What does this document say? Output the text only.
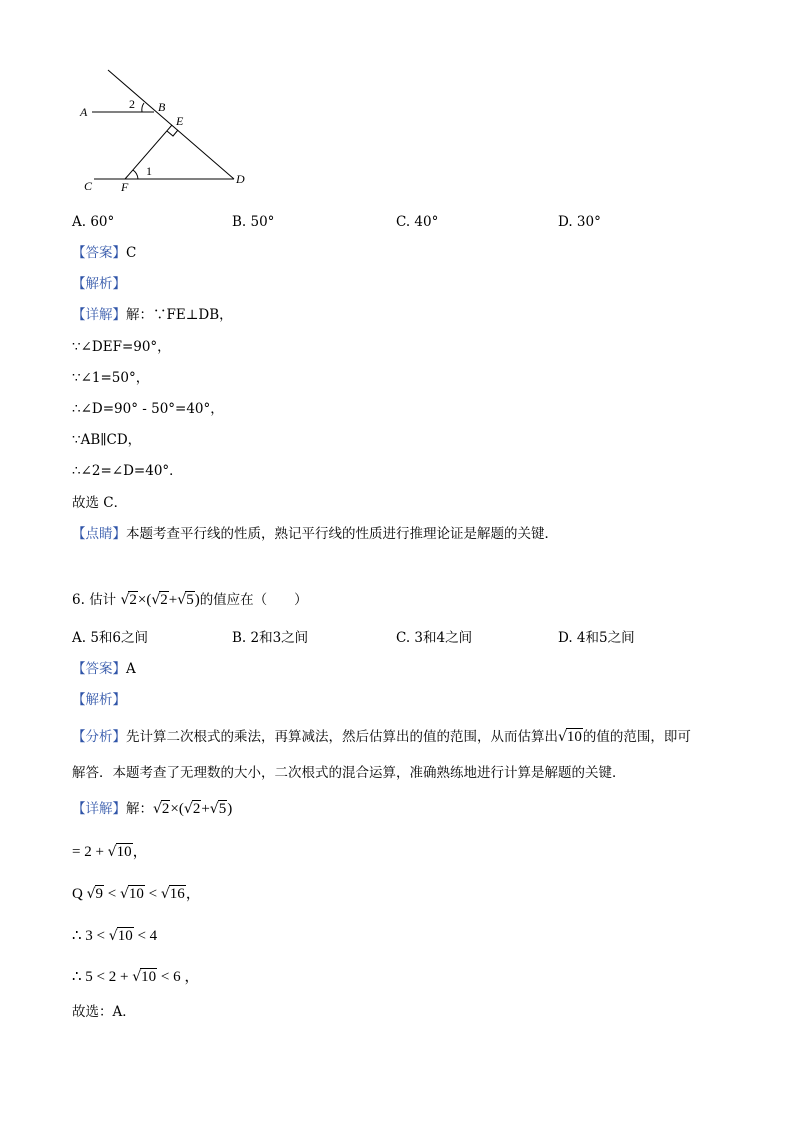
A
2 B
E
1
C F
D
A. 60°	B. 50°	C. 40°	D. 30°
【答案】C
【解析】
【详解】解：∵FE⊥DB，
∵∠DEF=90°，
∵∠1=50°，
∴∠D=90° - 50°=40°，
∵AB∥CD，
∴∠2=∠D=40°．
故选 C．
【点睛】本题考查平行线的性质，熟记平行线的性质进行推理论证是解题的关键．
6. 估计 √2×(√2+√5)的值应在（　　）
A. 5和6之间	B. 2和3之间	C. 3和4之间	D. 4和5之间
【答案】A
【解析】
【分析】先计算二次根式的乘法，再算减法，然后估算出的值的范围，从而估算出√10的值的范围，即可
解答．本题考查了无理数的大小，二次根式的混合运算，准确熟练地进行计算是解题的关键．
【详解】解：√2×(√2+√5)
= 2 + √10，
Q √9 < √10 < √16，
∴ 3 < √10 < 4
∴ 5 < 2 + √10 < 6 ，
故选：A．
